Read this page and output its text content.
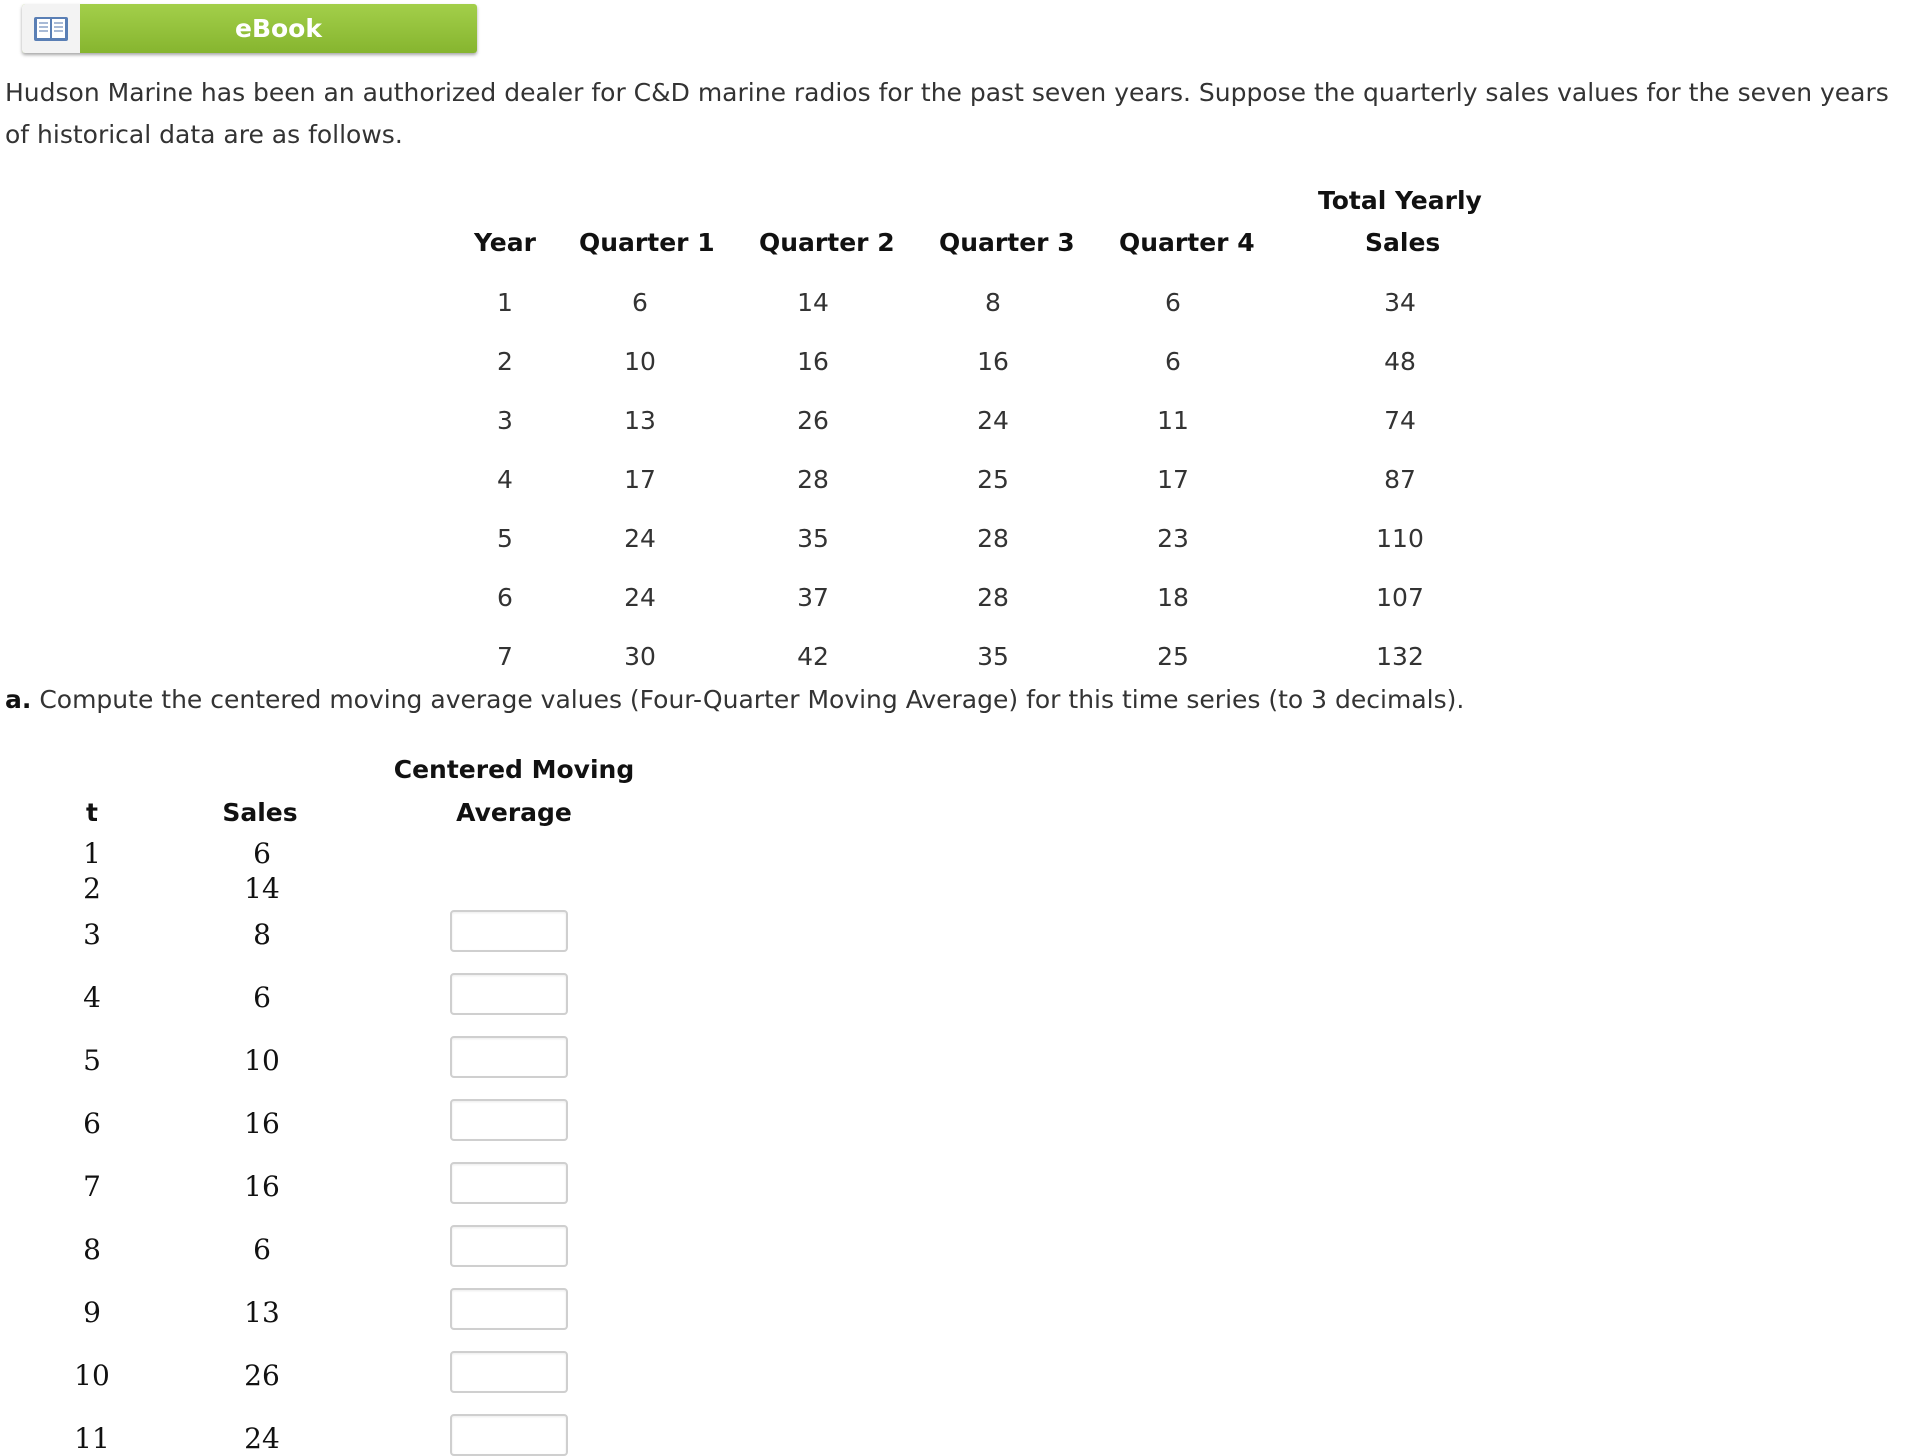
eBook

Hudson Marine has been an authorized dealer for C&D marine radios for the past seven years. Suppose the quarterly sales values for the seven years of historical data are as follows.

Year Quarter 1 Quarter 2 Quarter 3 Quarter 4
Total Yearly
Sales
1	6	14	8	6	34
2	10	16	16	6	48
3	13	26	24	11	74
4	17	28	25	17	87
5	24	35	28	23	110
6	24	37	28	18	107
7	30	42	35	25	132
a. Compute the centered moving average values (Four-Quarter Moving Average) for this time series (to 3 decimals).
t	Sales
Centered Moving
Average
1	6
2	14
3	8
4	6
5	10
6	16
7	16
8	6
9	13
10	26
11	24
